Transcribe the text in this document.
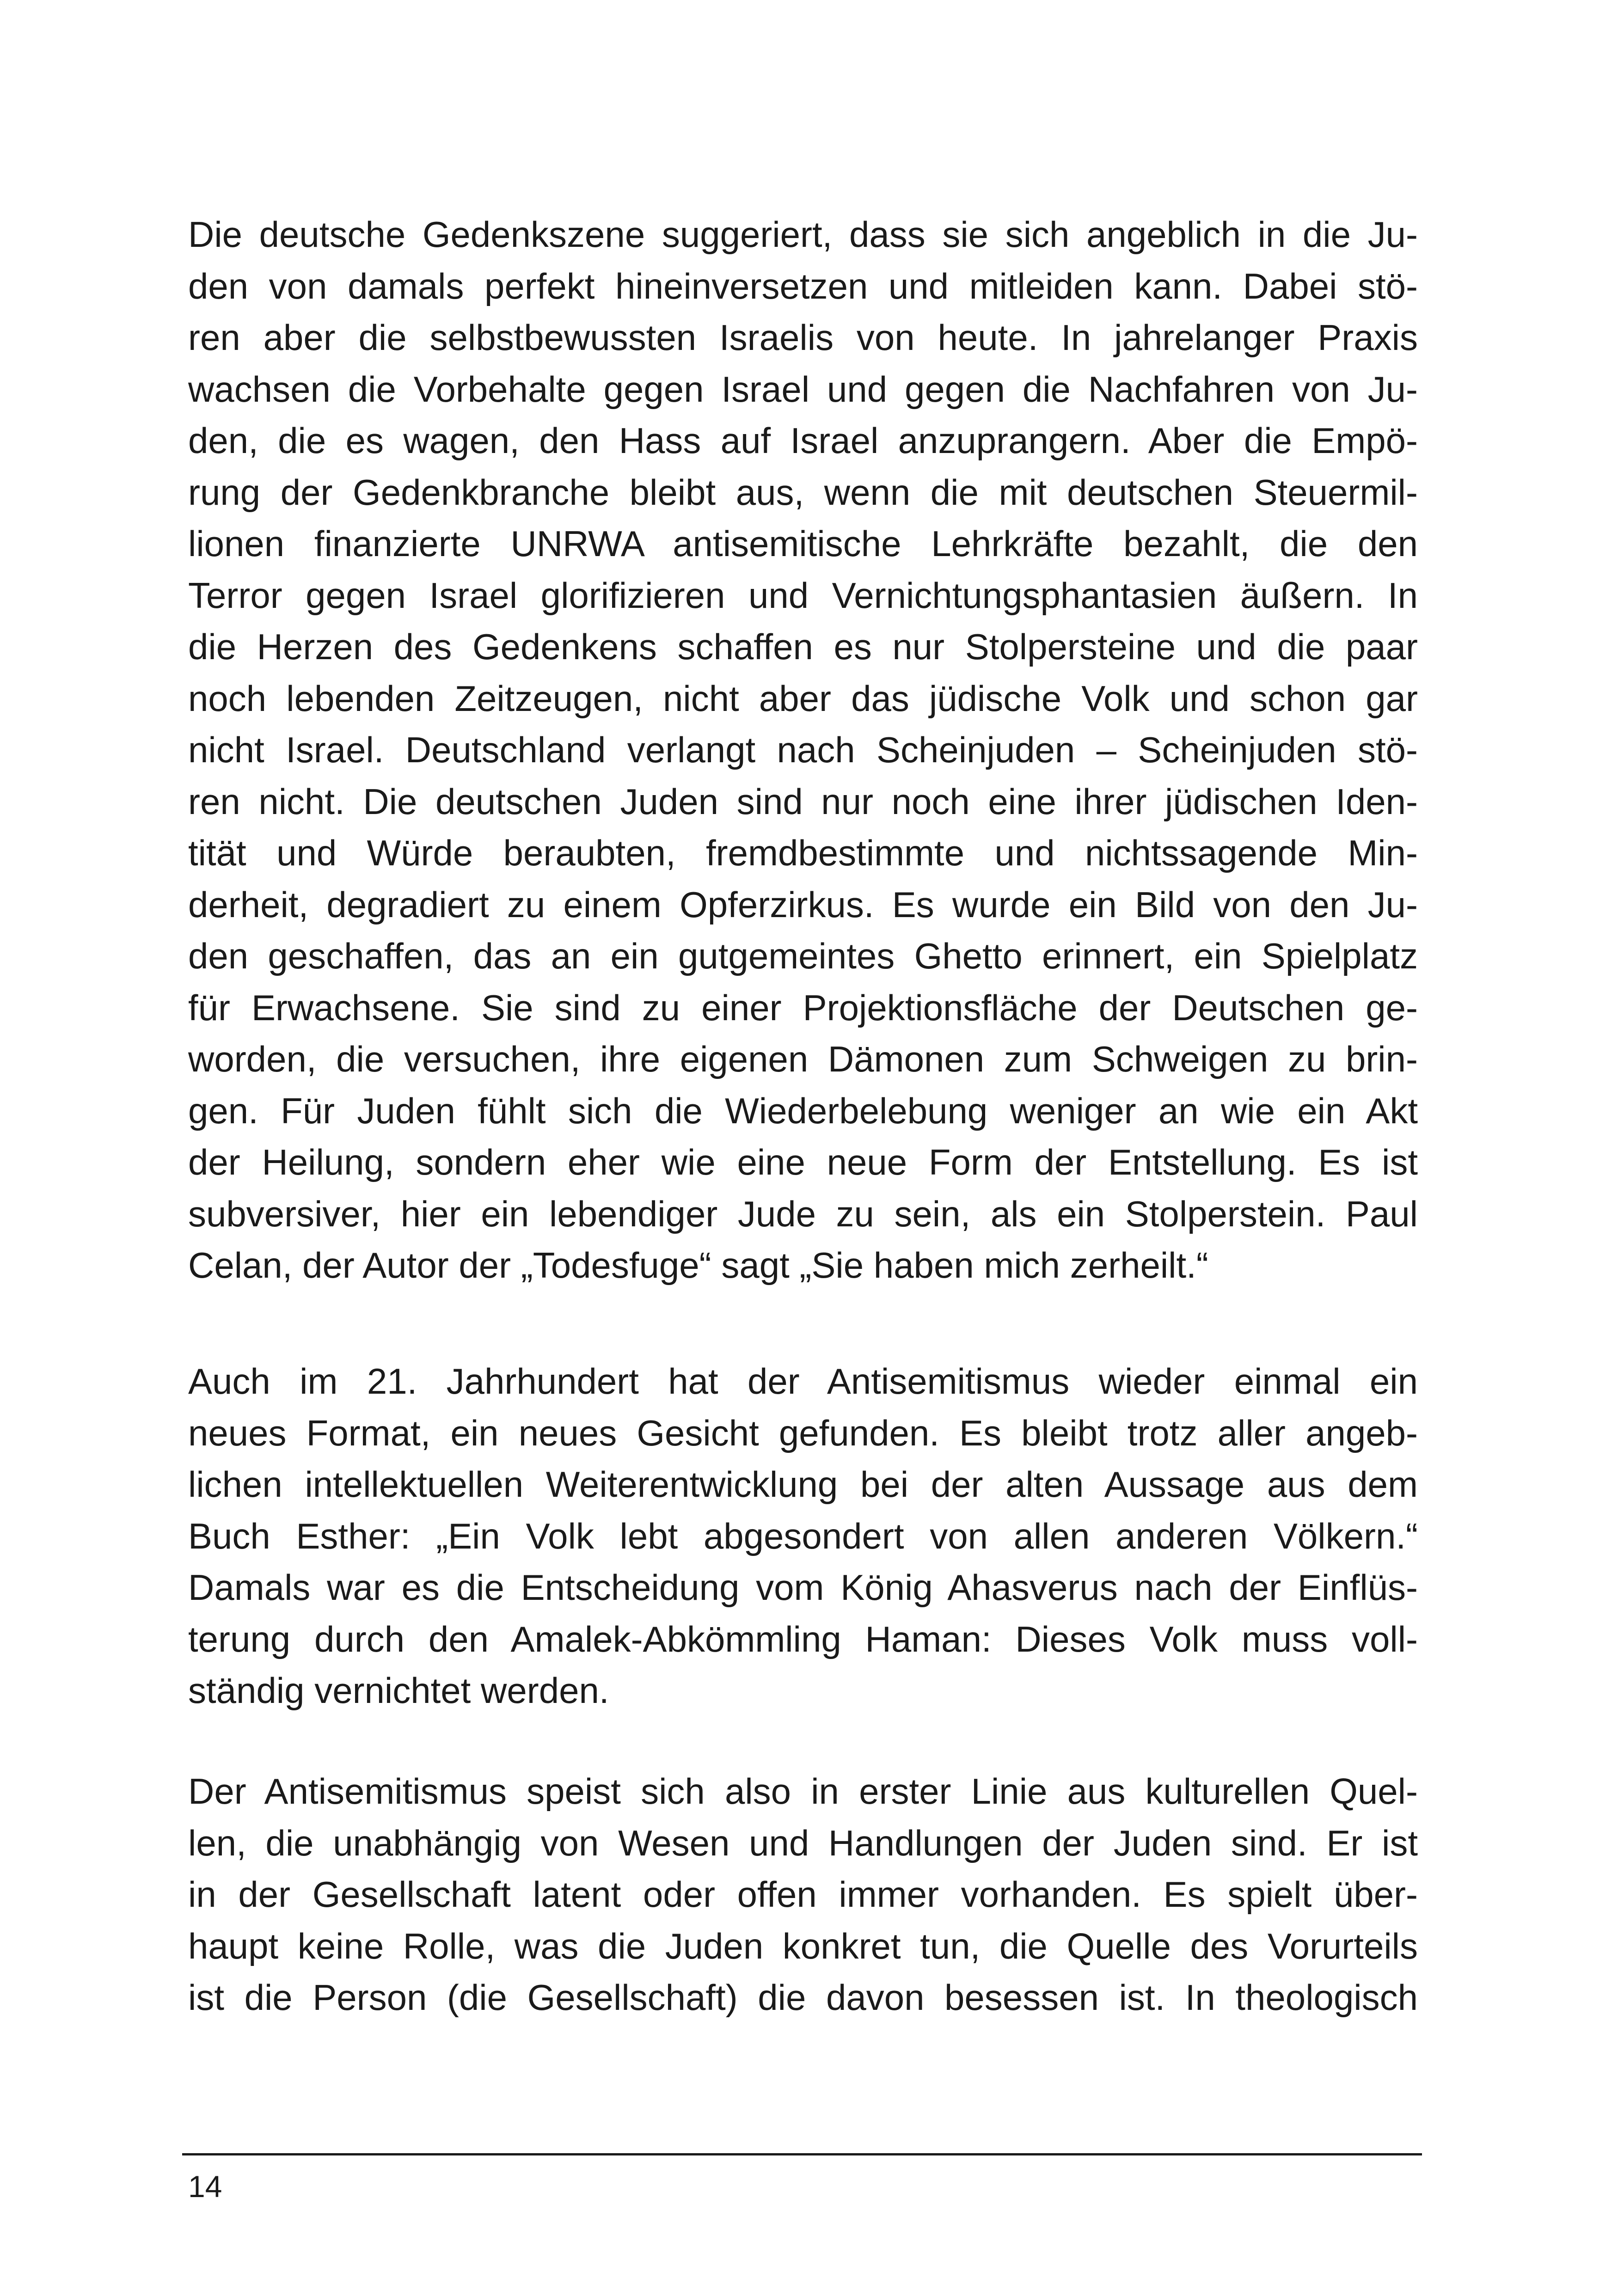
Die deutsche Gedenkszene suggeriert, dass sie sich angeblich in die Ju-
den von damals perfekt hineinversetzen und mitleiden kann. Dabei stö-
ren aber die selbstbewussten Israelis von heute. In jahrelanger Praxis
wachsen die Vorbehalte gegen Israel und gegen die Nachfahren von Ju-
den, die es wagen, den Hass auf Israel anzuprangern. Aber die Empö-
rung der Gedenkbranche bleibt aus, wenn die mit deutschen Steuermil-
lionen finanzierte UNRWA antisemitische Lehrkräfte bezahlt, die den
Terror gegen Israel glorifizieren und Vernichtungsphantasien äußern. In
die Herzen des Gedenkens schaffen es nur Stolpersteine und die paar
noch lebenden Zeitzeugen, nicht aber das jüdische Volk und schon gar
nicht Israel. Deutschland verlangt nach Scheinjuden – Scheinjuden stö-
ren nicht. Die deutschen Juden sind nur noch eine ihrer jüdischen Iden-
tität und Würde beraubten, fremdbestimmte und nichtssagende Min-
derheit, degradiert zu einem Opferzirkus. Es wurde ein Bild von den Ju-
den geschaffen, das an ein gutgemeintes Ghetto erinnert, ein Spielplatz
für Erwachsene. Sie sind zu einer Projektionsfläche der Deutschen ge-
worden, die versuchen, ihre eigenen Dämonen zum Schweigen zu brin-
gen. Für Juden fühlt sich die Wiederbelebung weniger an wie ein Akt
der Heilung, sondern eher wie eine neue Form der Entstellung. Es ist
subversiver, hier ein lebendiger Jude zu sein, als ein Stolperstein. Paul
Celan, der Autor der „Todesfuge“ sagt „Sie haben mich zerheilt.“
Auch im 21. Jahrhundert hat der Antisemitismus wieder einmal ein
neues Format, ein neues Gesicht gefunden. Es bleibt trotz aller angeb-
lichen intellektuellen Weiterentwicklung bei der alten Aussage aus dem
Buch Esther: „Ein Volk lebt abgesondert von allen anderen Völkern.“
Damals war es die Entscheidung vom König Ahasverus nach der Einflüs-
terung durch den Amalek-Abkömmling Haman: Dieses Volk muss voll-
ständig vernichtet werden.
Der Antisemitismus speist sich also in erster Linie aus kulturellen Quel-
len, die unabhängig von Wesen und Handlungen der Juden sind. Er ist
in der Gesellschaft latent oder offen immer vorhanden. Es spielt über-
haupt keine Rolle, was die Juden konkret tun, die Quelle des Vorurteils
ist die Person (die Gesellschaft) die davon besessen ist. In theologisch
14
